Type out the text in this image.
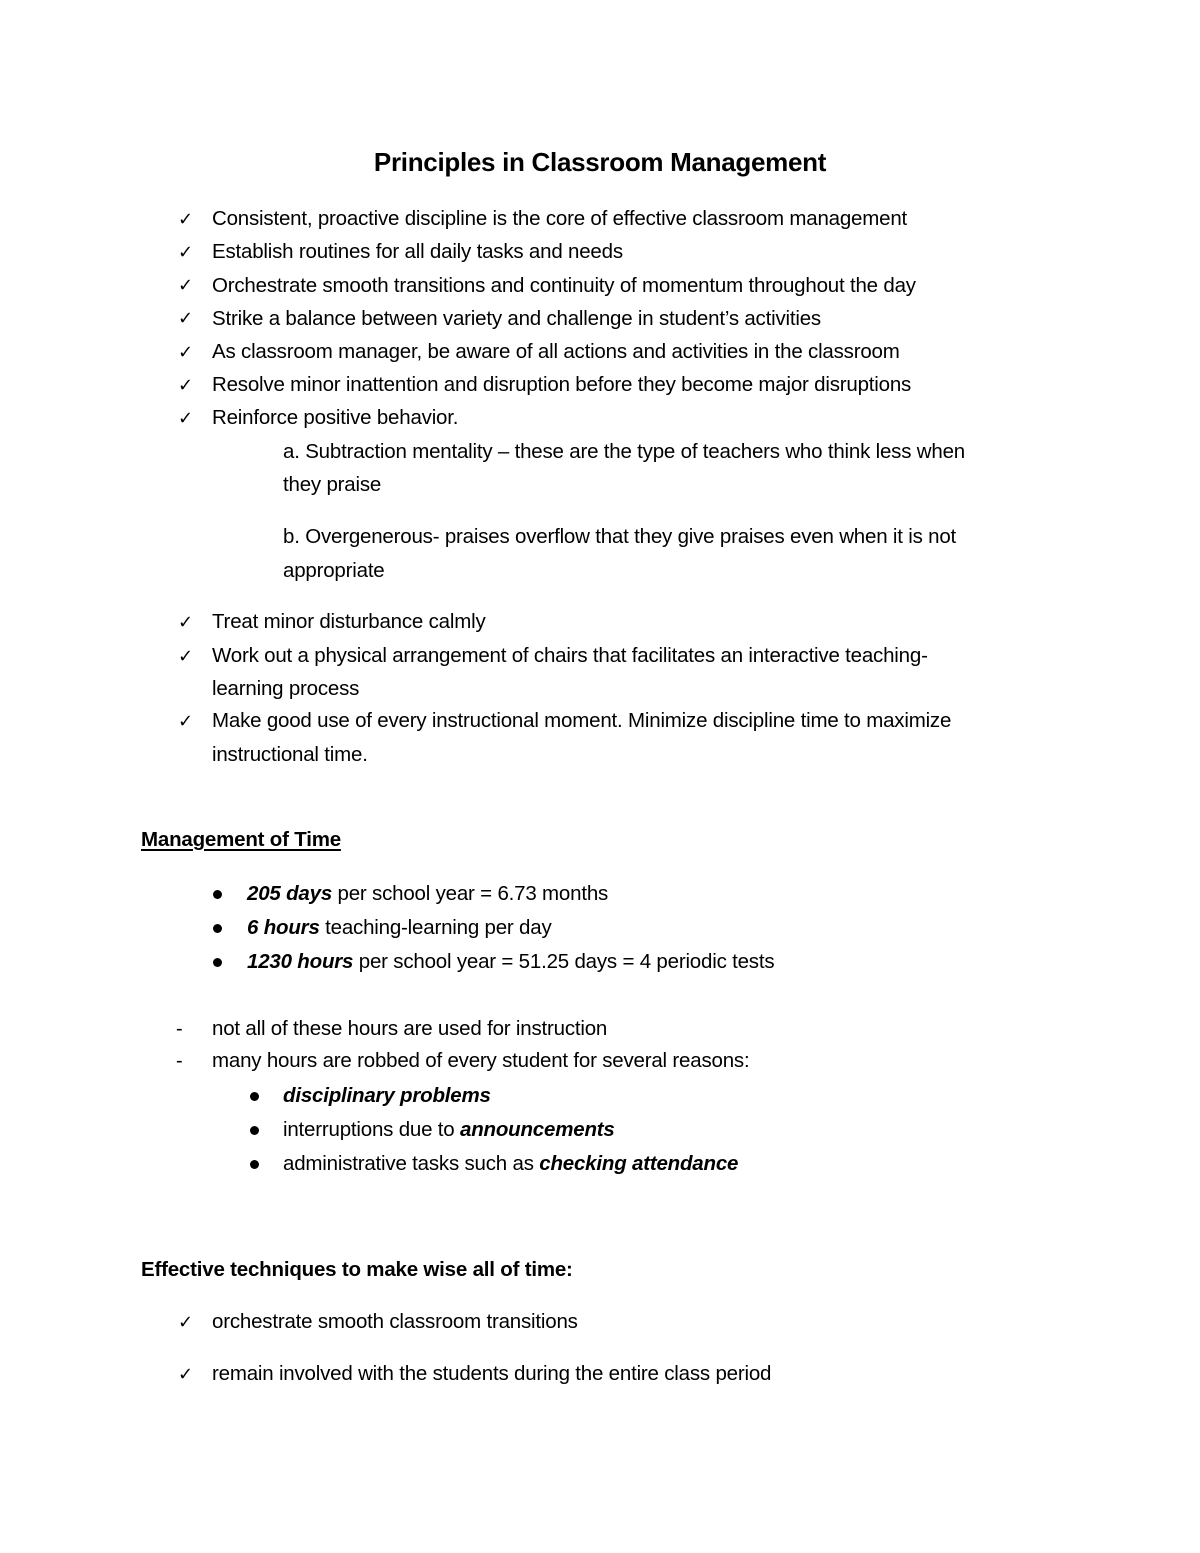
Principles in Classroom Management
✓ Consistent, proactive discipline is the core of effective classroom management
✓ Establish routines for all daily tasks and needs
✓ Orchestrate smooth transitions and continuity of momentum throughout the day
✓ Strike a balance between variety and challenge in student’s activities
✓ As classroom manager, be aware of all actions and activities in the classroom
✓ Resolve minor inattention and disruption before they become major disruptions
✓ Reinforce positive behavior.
a. Subtraction mentality – these are the type of teachers who think less when
they praise
b. Overgenerous- praises overflow that they give praises even when it is not
appropriate
✓ Treat minor disturbance calmly
✓ Work out a physical arrangement of chairs that facilitates an interactive teaching-
learning process
✓ Make good use of every instructional moment. Minimize discipline time to maximize
instructional time.
Management of Time
205 days per school year = 6.73 months
6 hours teaching-learning per day
1230 hours per school year = 51.25 days = 4 periodic tests
- not all of these hours are used for instruction
- many hours are robbed of every student for several reasons:
disciplinary problems
interruptions due to announcements
administrative tasks such as checking attendance
Effective techniques to make wise all of time:
✓ orchestrate smooth classroom transitions
✓ remain involved with the students during the entire class period
